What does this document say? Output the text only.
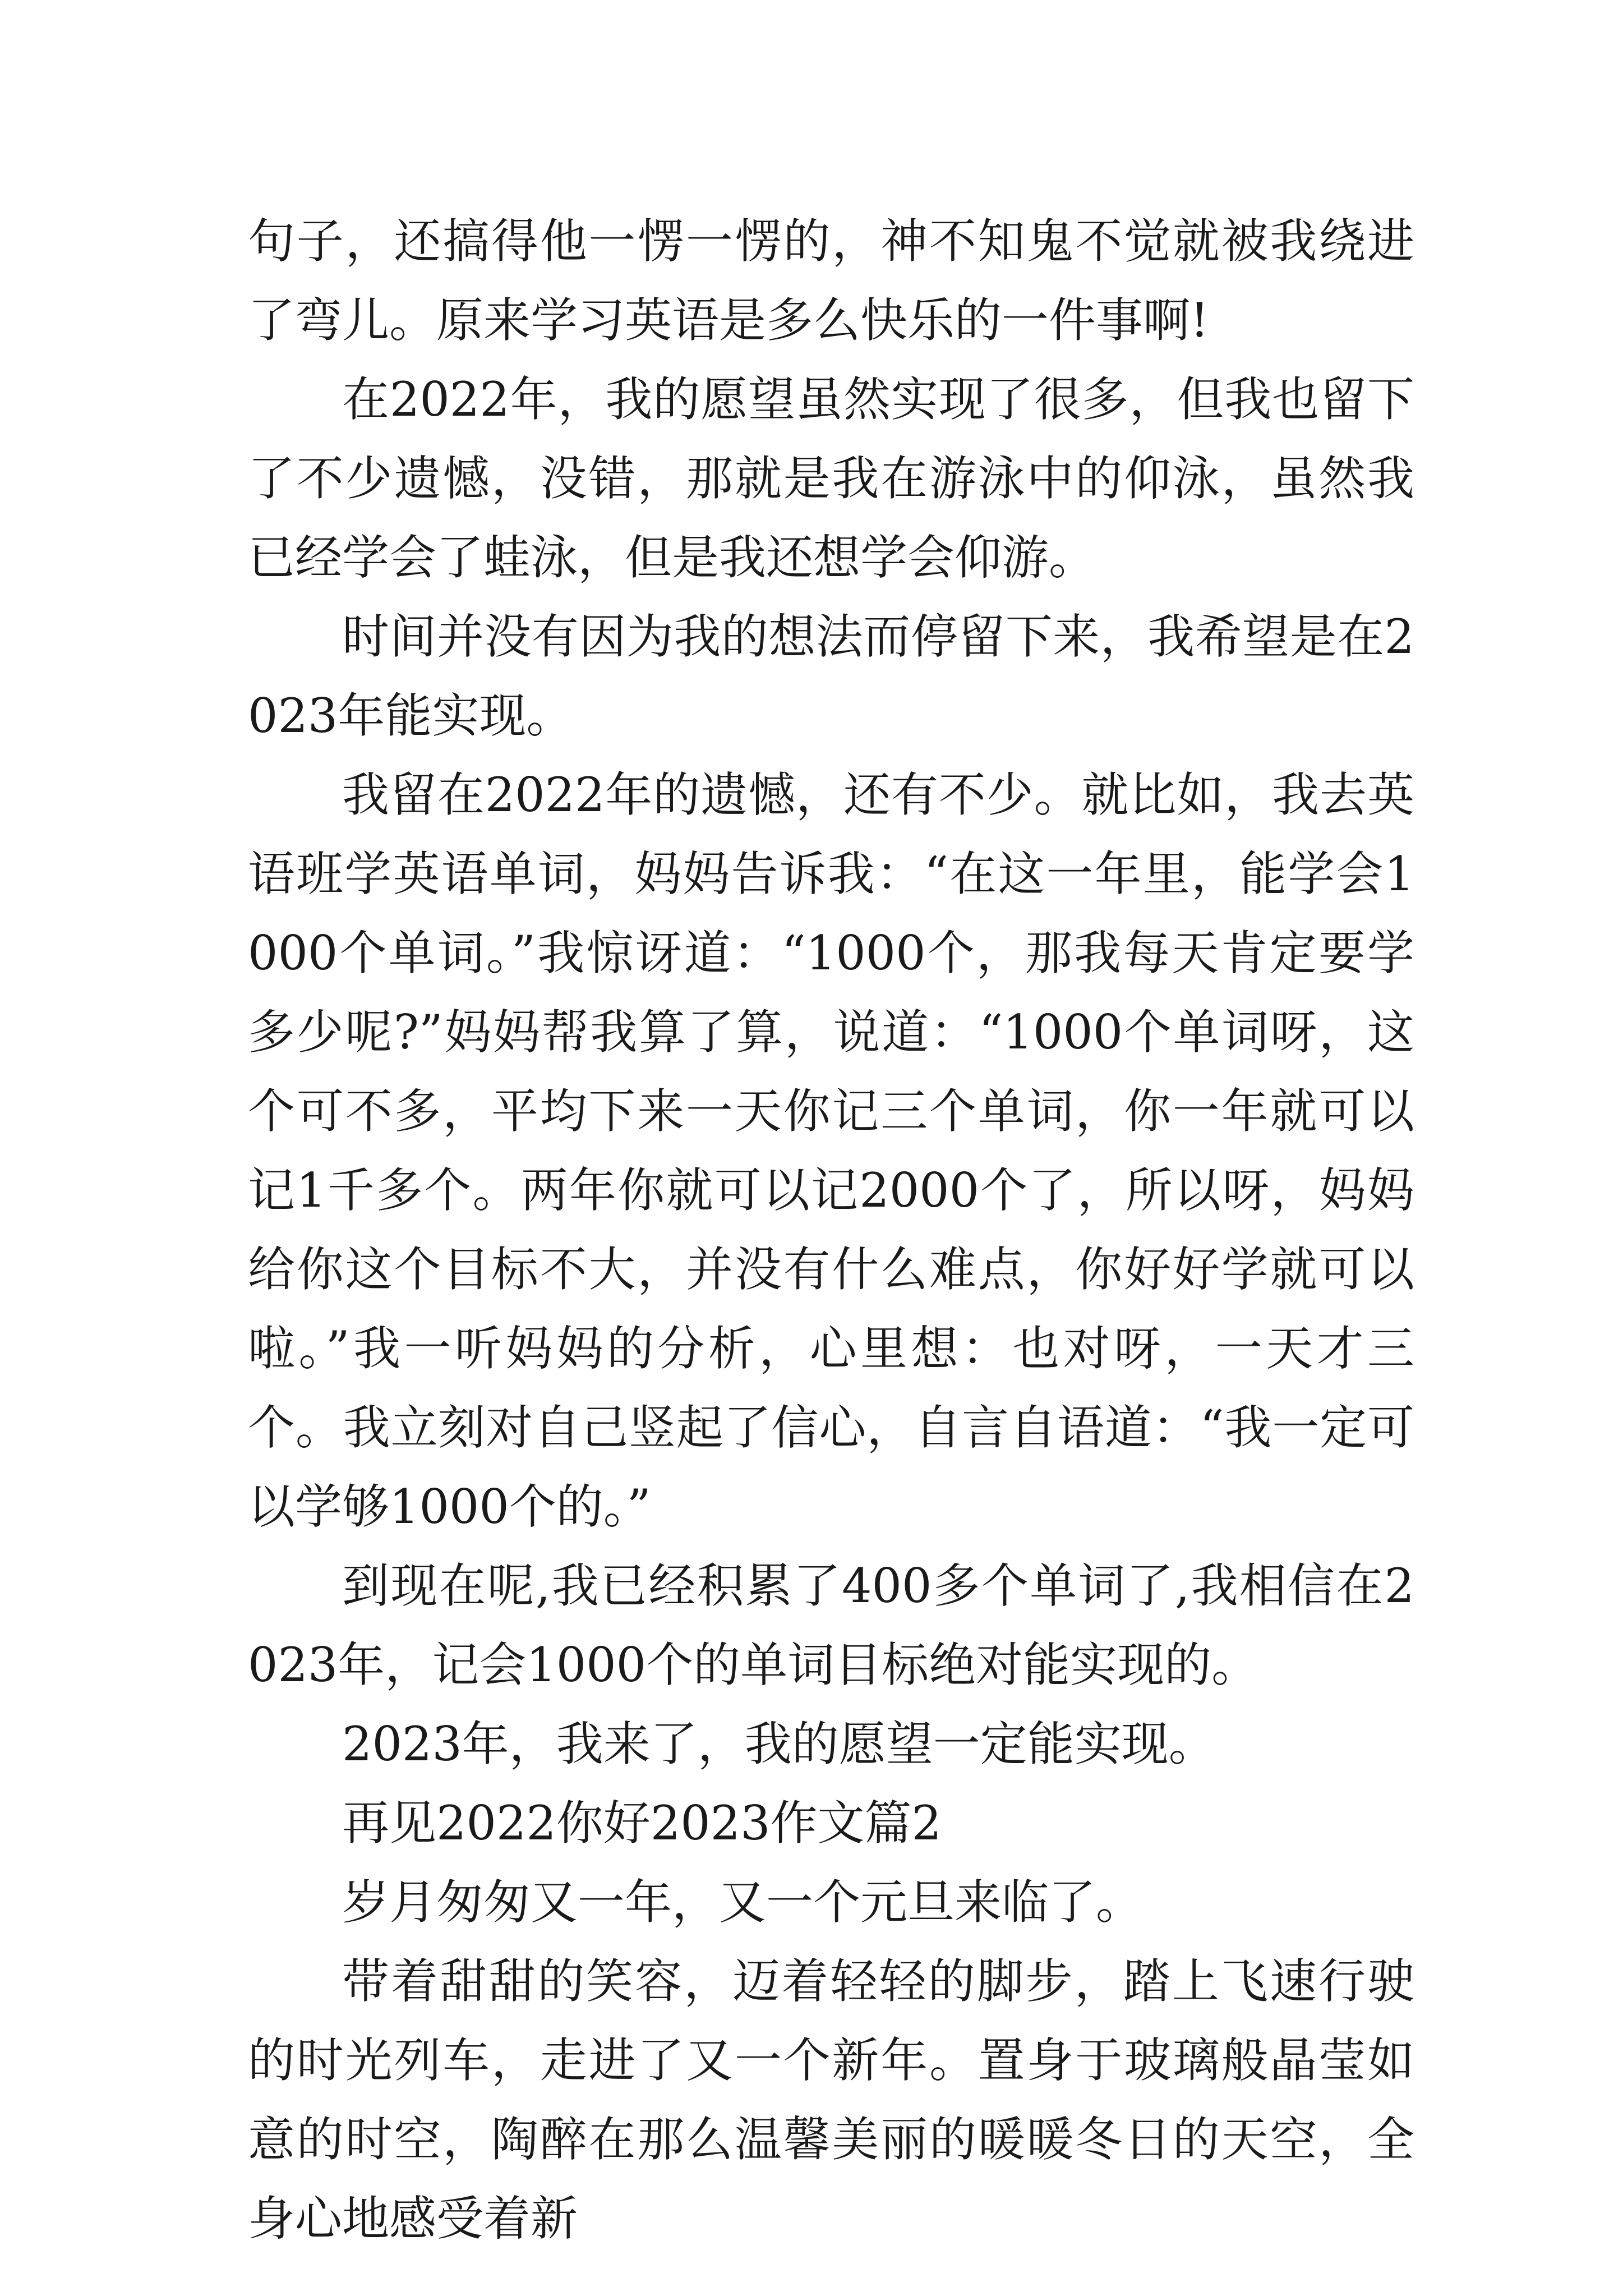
句子，还搞得他一愣一愣的，神不知鬼不觉就被我绕进了弯儿。原来学习英语是多么快乐的一件事啊!

在2022年，我的愿望虽然实现了很多，但我也留下了不少遗憾，没错，那就是我在游泳中的仰泳，虽然我已经学会了蛙泳，但是我还想学会仰游。

时间并没有因为我的想法而停留下来，我希望是在2023年能实现。

我留在2022年的遗憾，还有不少。就比如，我去英语班学英语单词，妈妈告诉我：“在这一年里，能学会1000个单词。”我惊讶道：“1000个，那我每天肯定要学多少呢?”妈妈帮我算了算，说道：“1000个单词呀，这个可不多，平均下来一天你记三个单词，你一年就可以记1千多个。两年你就可以记2000个了，所以呀，妈妈给你这个目标不大，并没有什么难点，你好好学就可以啦。”我一听妈妈的分析，心里想：也对呀，一天才三个。我立刻对自己竖起了信心，自言自语道：“我一定可以学够1000个的。”

到现在呢,我已经积累了400多个单词了,我相信在2023年，记会1000个的单词目标绝对能实现的。

2023年，我来了，我的愿望一定能实现。

再见2022你好2023作文篇2

岁月匆匆又一年，又一个元旦来临了。

带着甜甜的笑容，迈着轻轻的脚步，踏上飞速行驶的时光列车，走进了又一个新年。置身于玻璃般晶莹如意的时空，陶醉在那么温馨美丽的暖暖冬日的天空，全身心地感受着新
